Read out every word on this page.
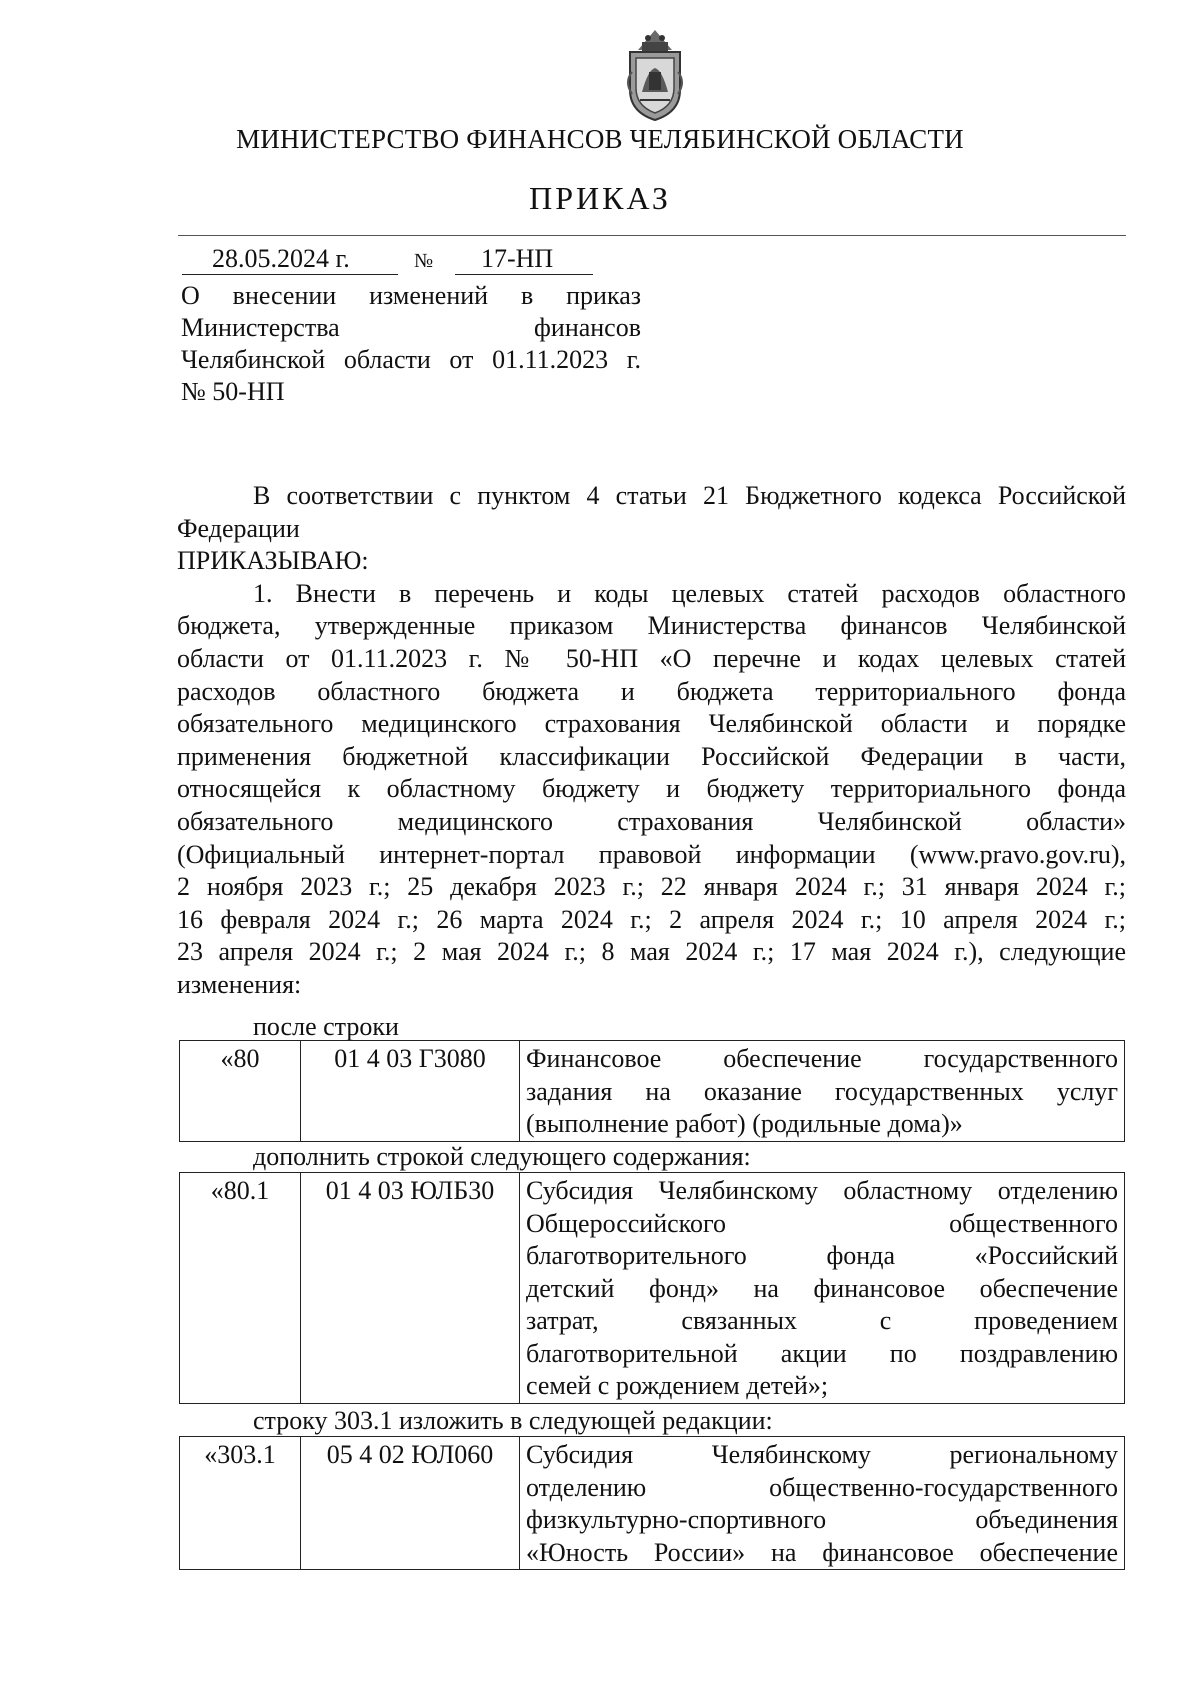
МИНИСТЕРСТВО ФИНАНСОВ ЧЕЛЯБИНСКОЙ ОБЛАСТИ
ПРИКАЗ
28.05.2024 г.	№	17-НП
О внесении изменений в приказ
Министерства финансов
Челябинской области от 01.11.2023 г.
№ 50-НП
В соответствии с пунктом 4 статьи 21 Бюджетного кодекса Российской
Федерации
ПРИКАЗЫВАЮ:
1. Внести в перечень и коды целевых статей расходов областного
бюджета, утвержденные приказом Министерства финансов Челябинской
области от 01.11.2023 г. № 50-НП «О перечне и кодах целевых статей
расходов областного бюджета и бюджета территориального фонда
обязательного медицинского страхования Челябинской области и порядке
применения бюджетной классификации Российской Федерации в части,
относящейся к областному бюджету и бюджету территориального фонда
обязательного медицинского страхования Челябинской области»
(Официальный интернет-портал правовой информации (www.pravo.gov.ru),
2 ноября 2023 г.; 25 декабря 2023 г.; 22 января 2024 г.; 31 января 2024 г.;
16 февраля 2024 г.; 26 марта 2024 г.; 2 апреля 2024 г.; 10 апреля 2024 г.;
23 апреля 2024 г.; 2 мая 2024 г.; 8 мая 2024 г.; 17 мая 2024 г.), следующие
изменения:
после строки
«80	01 4 03 Г3080	Финансовое обеспечение государственного
задания на оказание государственных услуг
(выполнение работ) (родильные дома)»
дополнить строкой следующего содержания:
«80.1	01 4 03 ЮЛБ30	Субсидия Челябинскому областному отделению
Общероссийского общественного
благотворительного фонда «Российский
детский фонд» на финансовое обеспечение
затрат, связанных с проведением
благотворительной акции по поздравлению
семей с рождением детей»;
строку 303.1 изложить в следующей редакции:
«303.1	05 4 02 ЮЛ060	Субсидия Челябинскому региональному
отделению общественно-государственного
физкультурно-спортивного объединения
«Юность России» на финансовое обеспечение
